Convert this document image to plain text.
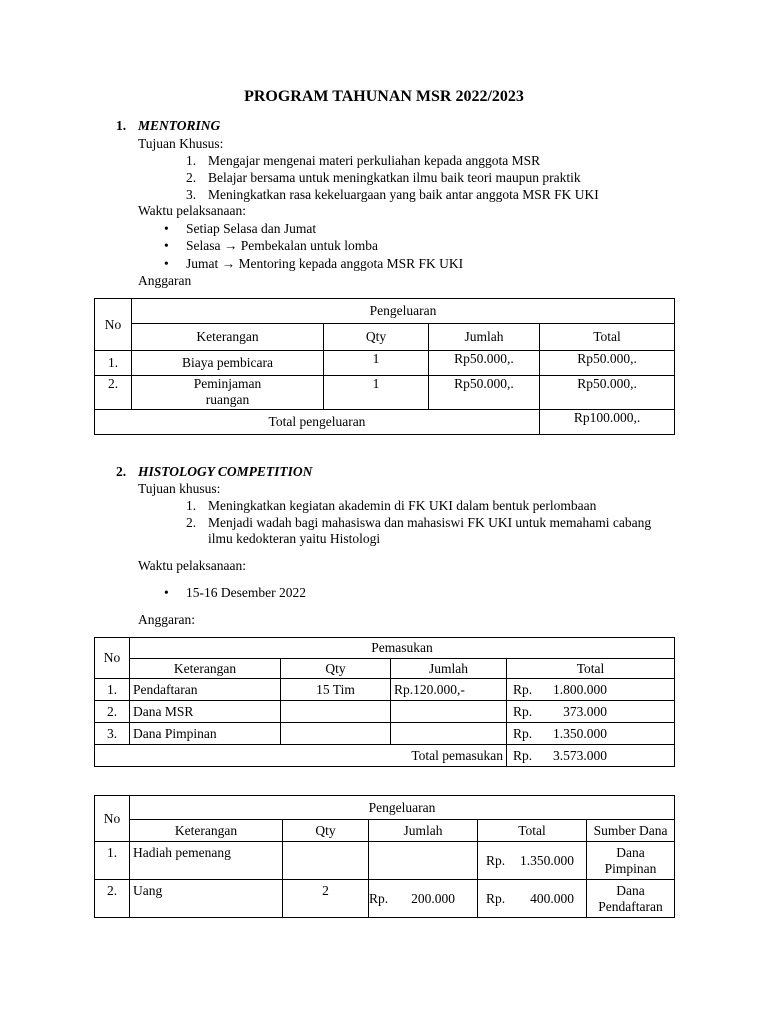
PROGRAM TAHUNAN MSR 2022/2023
1. MENTORING
Tujuan Khusus:
1. Mengajar mengenai materi perkuliahan kepada anggota MSR
2. Belajar bersama untuk meningkatkan ilmu baik teori maupun praktik
3. Meningkatkan rasa kekeluargaan yang baik antar anggota MSR FK UKI
Waktu pelaksanaan:
• Setiap Selasa dan Jumat
• Selasa → Pembekalan untuk lomba
• Jumat → Mentoring kepada anggota MSR FK UKI
Anggaran
No	Pengeluaran			
	Keterangan	Qty	Jumlah	Total
1.	Biaya pembicara	1	Rp50.000,.	Rp50.000,.
2.	Peminjaman ruangan	1	Rp50.000,.	Rp50.000,.
Total pengeluaran				Rp100.000,.
2. HISTOLOGY COMPETITION
Tujuan khusus:
1. Meningkatkan kegiatan akademin di FK UKI dalam bentuk perlombaan
2. Menjadi wadah bagi mahasiswa dan mahasiswi FK UKI untuk memahami cabang ilmu kedokteran yaitu Histologi
Waktu pelaksanaan:
• 15-16 Desember 2022
Anggaran:
No	Pemasukan			
	Keterangan	Qty	Jumlah	Total
1.	Pendaftaran	15 Tim	Rp.120.000,-	Rp. 1.800.000
2.	Dana MSR			Rp. 373.000
3.	Dana Pimpinan			Rp. 1.350.000
Total pemasukan				Rp. 3.573.000
No	Pengeluaran				
	Keterangan	Qty	Jumlah	Total	Sumber Dana
1.	Hadiah pemenang			Rp. 1.350.000	Dana
Pimpinan

2.	Uang	2	Rp. 200.000	Rp. 400.000	Dana
Pendaftaran
